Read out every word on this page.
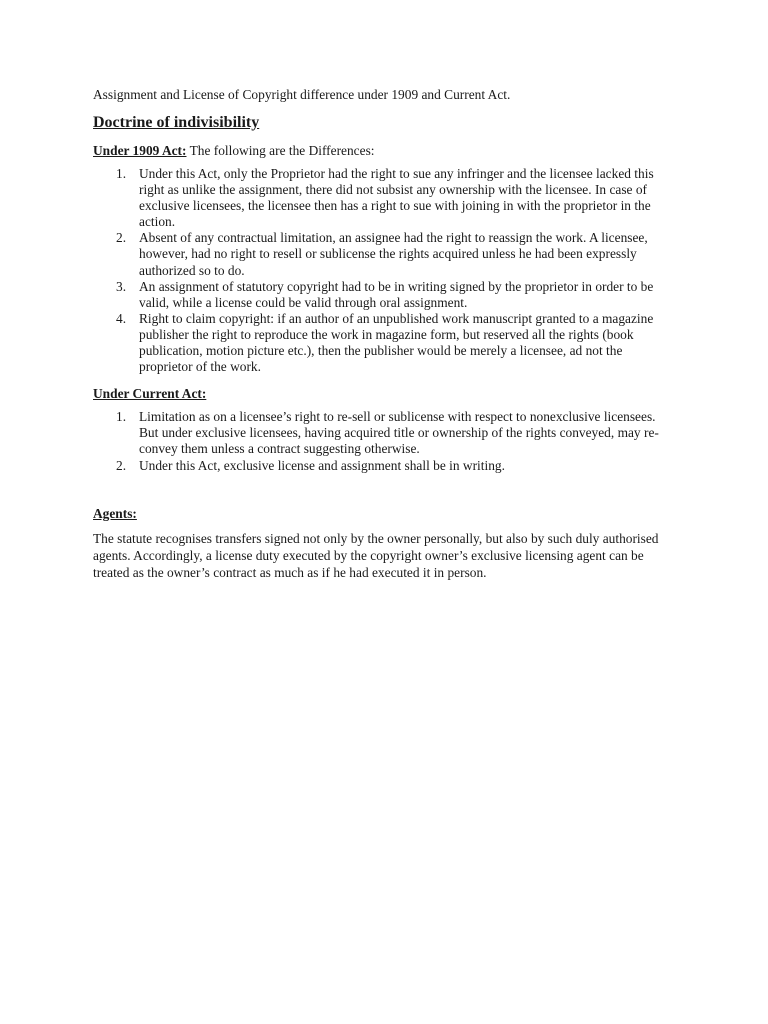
Assignment and License of Copyright difference under 1909 and Current Act.

Doctrine of indivisibility

Under 1909 Act: The following are the Differences:

1. Under this Act, only the Proprietor had the right to sue any infringer and the licensee lacked this right as unlike the assignment, there did not subsist any ownership with the licensee. In case of exclusive licensees, the licensee then has a right to sue with joining in with the proprietor in the action.
2. Absent of any contractual limitation, an assignee had the right to reassign the work. A licensee, however, had no right to resell or sublicense the rights acquired unless he had been expressly authorized so to do.
3. An assignment of statutory copyright had to be in writing signed by the proprietor in order to be valid, while a license could be valid through oral assignment.
4. Right to claim copyright: if an author of an unpublished work manuscript granted to a magazine publisher the right to reproduce the work in magazine form, but reserved all the rights (book publication, motion picture etc.), then the publisher would be merely a licensee, ad not the proprietor of the work.

Under Current Act:

1. Limitation as on a licensee’s right to re-sell or sublicense with respect to nonexclusive licensees. But under exclusive licensees, having acquired title or ownership of the rights conveyed, may re-convey them unless a contract suggesting otherwise.
2. Under this Act, exclusive license and assignment shall be in writing.

Agents:

The statute recognises transfers signed not only by the owner personally, but also by such duly authorised agents. Accordingly, a license duty executed by the copyright owner’s exclusive licensing agent can be treated as the owner’s contract as much as if he had executed it in person.
